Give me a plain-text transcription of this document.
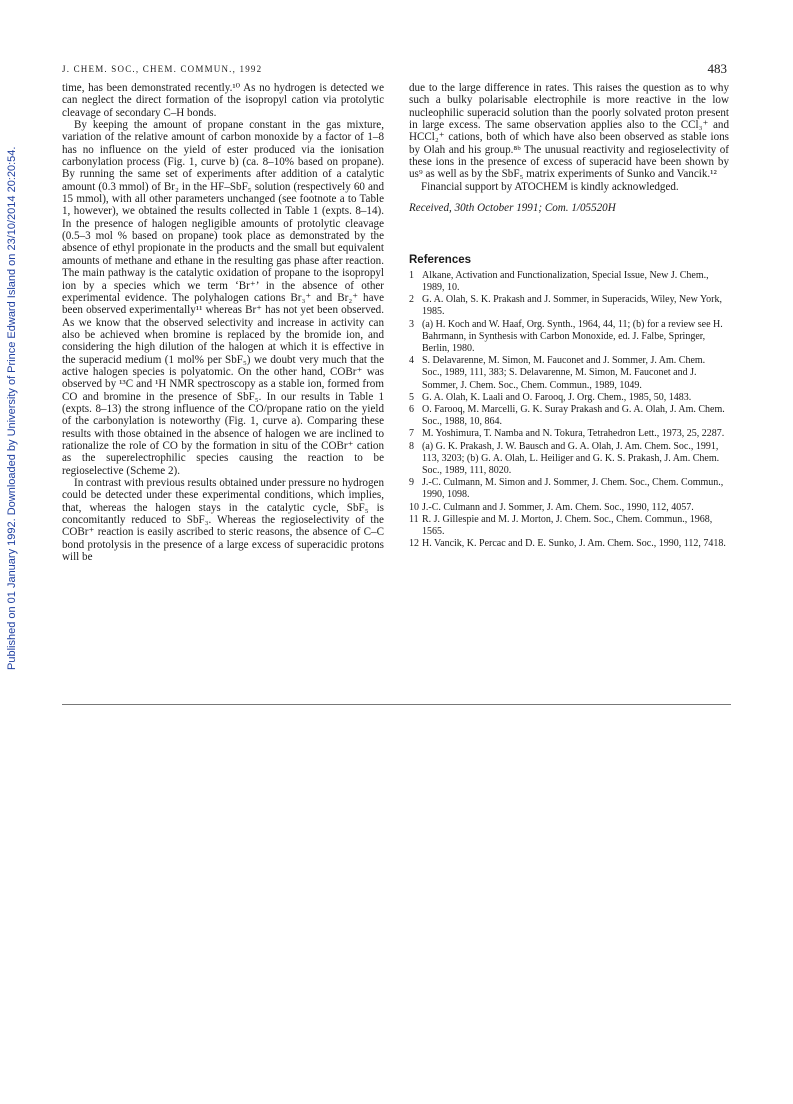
J. CHEM. SOC., CHEM. COMMUN., 1992	483
Published on 01 January 1992. Downloaded by University of Prince Edward Island on 23/10/2014 20:20:54.

time, has been demonstrated recently.¹⁰ As no hydrogen is detected we can neglect the direct formation of the isopropyl cation via protolytic cleavage of secondary C–H bonds.

By keeping the amount of propane constant in the gas mixture, variation of the relative amount of carbon monoxide by a factor of 1–8 has no influence on the yield of ester produced via the ionisation carbonylation process (Fig. 1, curve b) (ca. 8–10% based on propane). By running the same set of experiments after addition of a catalytic amount (0.3 mmol) of Br₂ in the HF–SbF₅ solution (respectively 60 and 15 mmol), with all other parameters unchanged (see footnote a to Table 1, however), we obtained the results collected in Table 1 (expts. 8–14). In the presence of halogen negligible amounts of protolytic cleavage (0.5–3 mol % based on propane) took place as demonstrated by the absence of ethyl propionate in the products and the small but equivalent amounts of methane and ethane in the resulting gas phase after reaction. The main pathway is the catalytic oxidation of propane to the isopropyl ion by a species which we term ‘Br⁺’ in the absence of other experimental evidence. The polyhalogen cations Br₃⁺ and Br₂⁺ have been observed experimentally¹¹ whereas Br⁺ has not yet been observed. As we know that the observed selectivity and increase in activity can also be achieved when bromine is replaced by the bromide ion, and considering the high dilution of the halogen at which it is effective in the superacid medium (1 mol% per SbF₅) we doubt very much that the active halogen species is polyatomic. On the other hand, COBr⁺ was observed by ¹³C and ¹H NMR spectroscopy as a stable ion, formed from CO and bromine in the presence of SbF₅. In our results in Table 1 (expts. 8–13) the strong influence of the CO/propane ratio on the yield of the carbonylation is noteworthy (Fig. 1, curve a). Comparing these results with those obtained in the absence of halogen we are inclined to rationalize the role of CO by the formation in situ of the COBr⁺ cation as the superelectrophilic species causing the reaction to be regioselective (Scheme 2).

In contrast with previous results obtained under pressure no hydrogen could be detected under these experimental conditions, which implies, that, whereas the halogen stays in the catalytic cycle, SbF₅ is concomitantly reduced to SbF₃. Whereas the regioselectivity of the COBr⁺ reaction is easily ascribed to steric reasons, the absence of C–C bond protolysis in the presence of a large excess of superacidic protons will be

due to the large difference in rates. This raises the question as to why such a bulky polarisable electrophile is more reactive in the low nucleophilic superacid solution than the poorly solvated proton present in large excess. The same observation applies also to the CCl₃⁺ and HCCl₂⁺ cations, both of which have also been observed as stable ions by Olah and his group.⁸ᵇ The unusual reactivity and regioselectivity of these ions in the presence of excess of superacid have been shown by us⁹ as well as by the SbF₅ matrix experiments of Sunko and Vancik.¹²

Financial support by ATOCHEM is kindly acknowledged.

Received, 30th October 1991; Com. 1/05520H

References
1 Alkane, Activation and Functionalization, Special Issue, New J. Chem., 1989, 10.
2 G. A. Olah, S. K. Prakash and J. Sommer, in Superacids, Wiley, New York, 1985.
3 (a) H. Koch and W. Haaf, Org. Synth., 1964, 44, 11; (b) for a review see H. Bahrmann, in Synthesis with Carbon Monoxide, ed. J. Falbe, Springer, Berlin, 1980.
4 S. Delavarenne, M. Simon, M. Fauconet and J. Sommer, J. Am. Chem. Soc., 1989, 111, 383; S. Delavarenne, M. Simon, M. Fauconet and J. Sommer, J. Chem. Soc., Chem. Commun., 1989, 1049.
5 G. A. Olah, K. Laali and O. Farooq, J. Org. Chem., 1985, 50, 1483.
6 O. Farooq, M. Marcelli, G. K. Suray Prakash and G. A. Olah, J. Am. Chem. Soc., 1988, 10, 864.
7 M. Yoshimura, T. Namba and N. Tokura, Tetrahedron Lett., 1973, 25, 2287.
8 (a) G. K. Prakash, J. W. Bausch and G. A. Olah, J. Am. Chem. Soc., 1991, 113, 3203; (b) G. A. Olah, L. Heiliger and G. K. S. Prakash, J. Am. Chem. Soc., 1989, 111, 8020.
9 J.-C. Culmann, M. Simon and J. Sommer, J. Chem. Soc., Chem. Commun., 1990, 1098.
10 J.-C. Culmann and J. Sommer, J. Am. Chem. Soc., 1990, 112, 4057.
11 R. J. Gillespie and M. J. Morton, J. Chem. Soc., Chem. Commun., 1968, 1565.
12 H. Vancik, K. Percac and D. E. Sunko, J. Am. Chem. Soc., 1990, 112, 7418.
